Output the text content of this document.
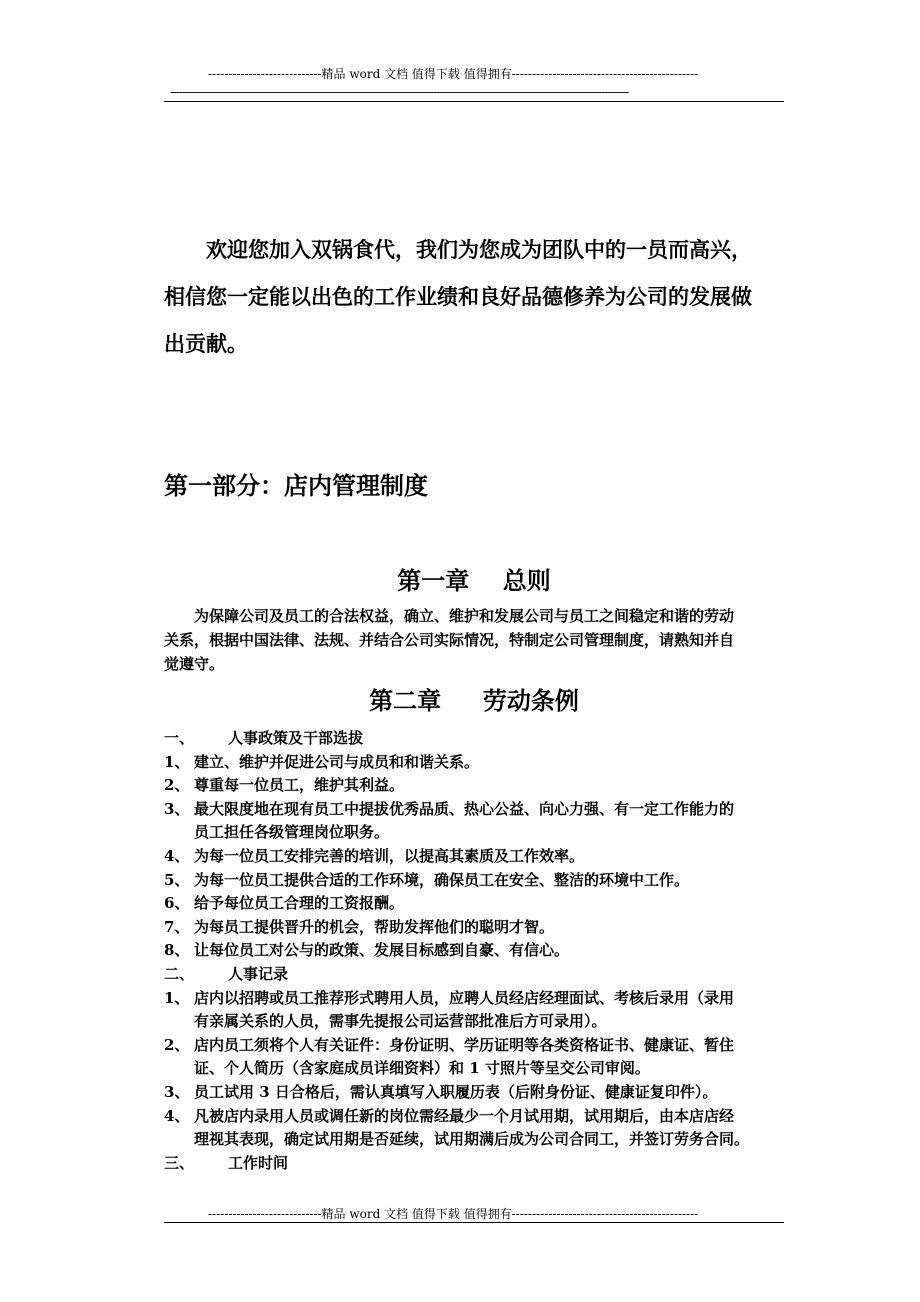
----------------------------精品 word 文档 值得下载 值得拥有----------------------------------------------
------------------------------------------------------------------------------------------------------------------------------------------------------

欢迎您加入双锅食代，我们为您成为团队中的一员而高兴，

相信您一定能以出色的工作业绩和良好品德修养为公司的发展做

出贡献。

第一部分：店内管理制度
第一章    总则

为保障公司及员工的合法权益，确立、维护和发展公司与员工之间稳定和谐的劳动

关系，根据中国法律、法规、并结合公司实际情况，特制定公司管理制度，请熟知并自

觉遵守。

第二章     劳动条例
一、 人事政策及干部选拔
1、 建立、维护并促进公司与成员和和谐关系。
2、 尊重每一位员工，维护其利益。
3、 最大限度地在现有员工中提拔优秀品质、热心公益、向心力强、有一定工作能力的
员工担任各级管理岗位职务。
4、 为每一位员工安排完善的培训，以提高其素质及工作效率。
5、 为每一位员工提供合适的工作环境，确保员工在安全、整洁的环境中工作。
6、 给予每位员工合理的工资报酬。
7、 为每员工提供晋升的机会，帮助发挥他们的聪明才智。
8、 让每位员工对公与的政策、发展目标感到自豪、有信心。
二、 人事记录
1、 店内以招聘或员工推荐形式聘用人员，应聘人员经店经理面试、考核后录用（录用
有亲属关系的人员，需事先提报公司运营部批准后方可录用）。
2、 店内员工须将个人有关证件：身份证明、学历证明等各类资格证书、健康证、暂住
证、个人简历（含家庭成员详细资料）和 1 寸照片等呈交公司审阅。
3、 员工试用 3 日合格后，需认真填写入职履历表（后附身份证、健康证复印件）。
4、 凡被店内录用人员或调任新的岗位需经最少一个月试用期，试用期后，由本店店经
理视其表现，确定试用期是否延续，试用期满后成为公司合同工，并签订劳务合同。
三、 工作时间
----------------------------精品 word 文档 值得下载 值得拥有----------------------------------------------
